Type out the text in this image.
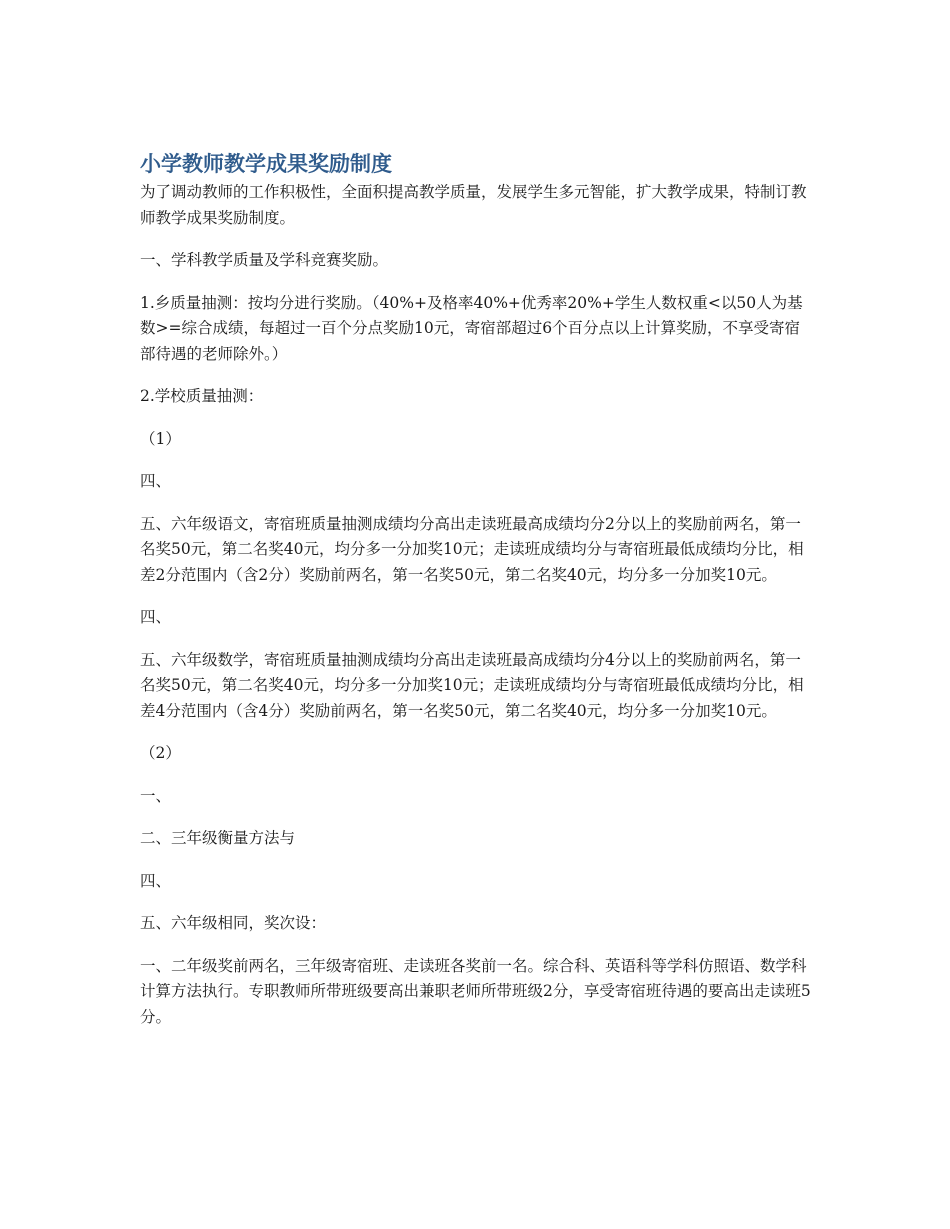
小学教师教学成果奖励制度

为了调动教师的工作积极性，全面积提高教学质量，发展学生多元智能，扩大教学成果，特制订教师教学成果奖励制度。

一、学科教学质量及学科竞赛奖励。

1.乡质量抽测：按均分进行奖励。（40%+及格率40%+优秀率20%+学生人数权重<以50人为基数>=综合成绩，每超过一百个分点奖励10元，寄宿部超过6个百分点以上计算奖励，不享受寄宿部待遇的老师除外。）

2.学校质量抽测：

（1）

四、

五、六年级语文，寄宿班质量抽测成绩均分高出走读班最高成绩均分2分以上的奖励前两名，第一名奖50元，第二名奖40元，均分多一分加奖10元；走读班成绩均分与寄宿班最低成绩均分比，相差2分范围内（含2分）奖励前两名，第一名奖50元，第二名奖40元，均分多一分加奖10元。

四、

五、六年级数学，寄宿班质量抽测成绩均分高出走读班最高成绩均分4分以上的奖励前两名，第一名奖50元，第二名奖40元，均分多一分加奖10元；走读班成绩均分与寄宿班最低成绩均分比，相差4分范围内（含4分）奖励前两名，第一名奖50元，第二名奖40元，均分多一分加奖10元。

（2）

一、

二、三年级衡量方法与

四、

五、六年级相同，奖次设：

一、二年级奖前两名，三年级寄宿班、走读班各奖前一名。综合科、英语科等学科仿照语、数学科计算方法执行。专职教师所带班级要高出兼职老师所带班级2分，享受寄宿班待遇的要高出走读班5分。
